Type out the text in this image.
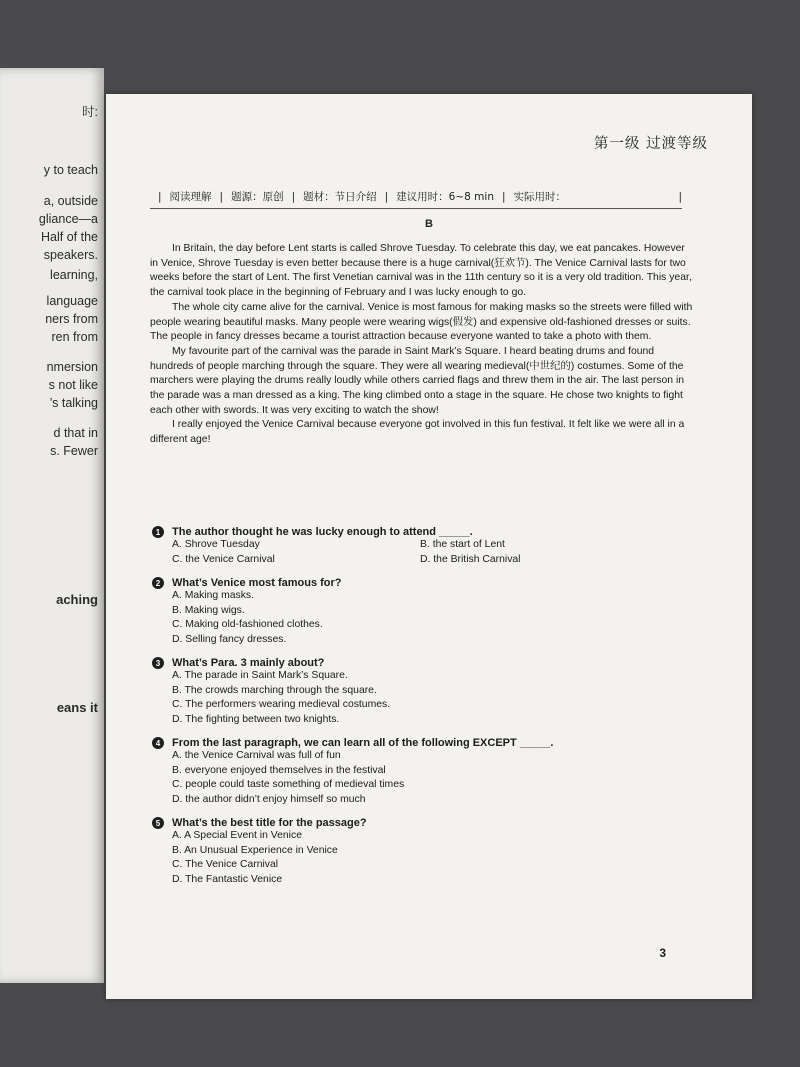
时:
y to teach
a, outside
gliance—a
Half of the
speakers.
learning,
language
ners from
ren from
nmersion
s not like
’s talking
d that in
s. Fewer
aching
eans it
第一级 过渡等级
| 阅读理解 | 题源：原创 | 题材：节日介绍 | 建议用时：6~8 min | 实际用时：	|
B

In Britain, the day before Lent starts is called Shrove Tuesday. To celebrate this day, we eat pancakes. However in Venice, Shrove Tuesday is even better because there is a huge carnival(狂欢节). The Venice Carnival lasts for two weeks before the start of Lent. The first Venetian carnival was in the 11th century so it is a very old tradition. This year, the carnival took place in the beginning of February and I was lucky enough to go.

The whole city came alive for the carnival. Venice is most famous for making masks so the streets were filled with people wearing beautiful masks. Many people were wearing wigs(假发) and expensive old-fashioned dresses or suits. The people in fancy dresses became a tourist attraction because everyone wanted to take a photo with them.

My favourite part of the carnival was the parade in Saint Mark’s Square. I heard beating drums and found hundreds of people marching through the square. They were all wearing medieval(中世纪的) costumes. Some of the marchers were playing the drums really loudly while others carried flags and threw them in the air. The last person in the parade was a man dressed as a king. The king climbed onto a stage in the square. He chose two knights to fight each other with swords. It was very exciting to watch the show!

I really enjoyed the Venice Carnival because everyone got involved in this fun festival. It felt like we were all in a different age!

1	The author thought he was lucky enough to attend _____.
A. Shrove Tuesday	B. the start of Lent
C. the Venice Carnival	D. the British Carnival
2	What’s Venice most famous for?
A. Making masks.
B. Making wigs.
C. Making old-fashioned clothes.
D. Selling fancy dresses.
3	What’s Para. 3 mainly about?
A. The parade in Saint Mark’s Square.
B. The crowds marching through the square.
C. The performers wearing medieval costumes.
D. The fighting between two knights.
4	From the last paragraph, we can learn all of the following EXCEPT _____.
A. the Venice Carnival was full of fun
B. everyone enjoyed themselves in the festival
C. people could taste something of medieval times
D. the author didn’t enjoy himself so much
5	What’s the best title for the passage?
A. A Special Event in Venice
B. An Unusual Experience in Venice
C. The Venice Carnival
D. The Fantastic Venice
3
